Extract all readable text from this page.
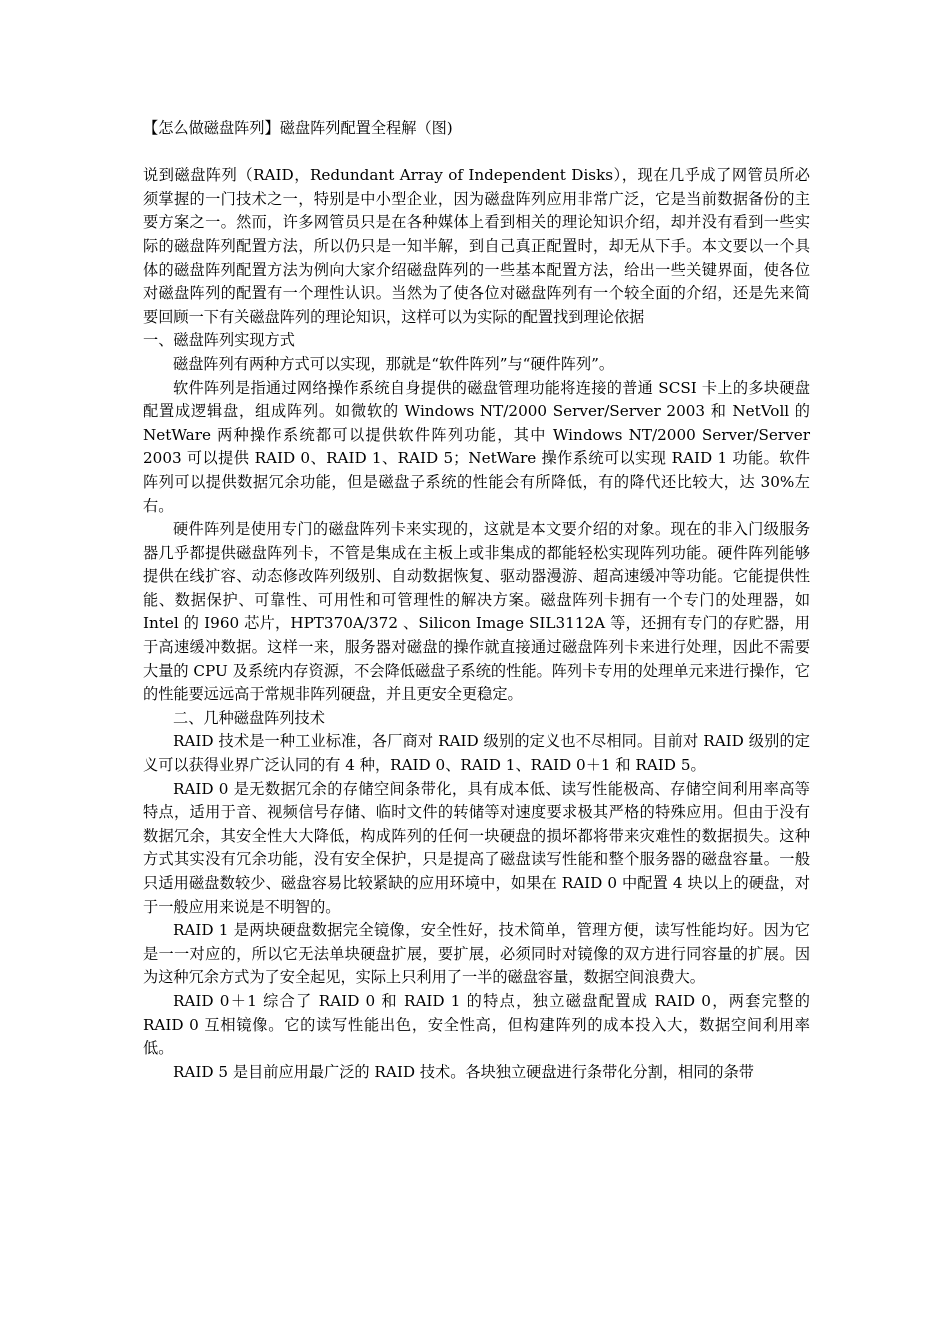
【怎么做磁盘阵列】磁盘阵列配置全程解（图)

说到磁盘阵列（RAID，Redundant Array of Independent Disks），现在几乎成了网管员所必须掌握的一门技术之一，特别是中小型企业，因为磁盘阵列应用非常广泛，它是当前数据备份的主要方案之一。然而，许多网管员只是在各种媒体上看到相关的理论知识介绍，却并没有看到一些实际的磁盘阵列配置方法，所以仍只是一知半解，到自己真正配置时，却无从下手。本文要以一个具体的磁盘阵列配置方法为例向大家介绍磁盘阵列的一些基本配置方法，给出一些关键界面，使各位对磁盘阵列的配置有一个理性认识。当然为了使各位对磁盘阵列有一个较全面的介绍，还是先来简要回顾一下有关磁盘阵列的理论知识，这样可以为实际的配置找到理论依据

一、磁盘阵列实现方式

磁盘阵列有两种方式可以实现，那就是“软件阵列”与“硬件阵列”。

软件阵列是指通过网络操作系统自身提供的磁盘管理功能将连接的普通 SCSI 卡上的多块硬盘配置成逻辑盘，组成阵列。如微软的 Windows NT/2000 Server/Server 2003 和 NetVoll 的 NetWare 两种操作系统都可以提供软件阵列功能，其中 Windows NT/2000 Server/Server 2003 可以提供 RAID 0、RAID 1、RAID 5；NetWare 操作系统可以实现 RAID 1 功能。软件阵列可以提供数据冗余功能，但是磁盘子系统的性能会有所降低，有的降代还比较大，达 30%左右。

硬件阵列是使用专门的磁盘阵列卡来实现的，这就是本文要介绍的对象。现在的非入门级服务器几乎都提供磁盘阵列卡，不管是集成在主板上或非集成的都能轻松实现阵列功能。硬件阵列能够提供在线扩容、动态修改阵列级别、自动数据恢复、驱动器漫游、超高速缓冲等功能。它能提供性能、数据保护、可靠性、可用性和可管理性的解决方案。磁盘阵列卡拥有一个专门的处理器，如 Intel 的 I960 芯片，HPT370A/372 、Silicon Image SIL3112A 等，还拥有专门的存贮器，用于高速缓冲数据。这样一来，服务器对磁盘的操作就直接通过磁盘阵列卡来进行处理，因此不需要大量的 CPU 及系统内存资源，不会降低磁盘子系统的性能。阵列卡专用的处理单元来进行操作，它的性能要远远高于常规非阵列硬盘，并且更安全更稳定。

二、几种磁盘阵列技术

RAID 技术是一种工业标准，各厂商对 RAID 级别的定义也不尽相同。目前对 RAID 级别的定义可以获得业界广泛认同的有 4 种，RAID 0、RAID 1、RAID 0＋1 和 RAID 5。

RAID 0 是无数据冗余的存储空间条带化，具有成本低、读写性能极高、存储空间利用率高等特点，适用于音、视频信号存储、临时文件的转储等对速度要求极其严格的特殊应用。但由于没有数据冗余，其安全性大大降低，构成阵列的任何一块硬盘的损坏都将带来灾难性的数据损失。这种方式其实没有冗余功能，没有安全保护，只是提高了磁盘读写性能和整个服务器的磁盘容量。一般只适用磁盘数较少、磁盘容易比较紧缺的应用环境中，如果在 RAID 0 中配置 4 块以上的硬盘，对于一般应用来说是不明智的。

RAID 1 是两块硬盘数据完全镜像，安全性好，技术简单，管理方便，读写性能均好。因为它是一一对应的，所以它无法单块硬盘扩展，要扩展，必须同时对镜像的双方进行同容量的扩展。因为这种冗余方式为了安全起见，实际上只利用了一半的磁盘容量，数据空间浪费大。

RAID 0＋1 综合了 RAID 0 和 RAID 1 的特点，独立磁盘配置成 RAID 0，两套完整的 RAID 0 互相镜像。它的读写性能出色，安全性高，但构建阵列的成本投入大，数据空间利用率低。

RAID 5 是目前应用最广泛的 RAID 技术。各块独立硬盘进行条带化分割，相同的条带
